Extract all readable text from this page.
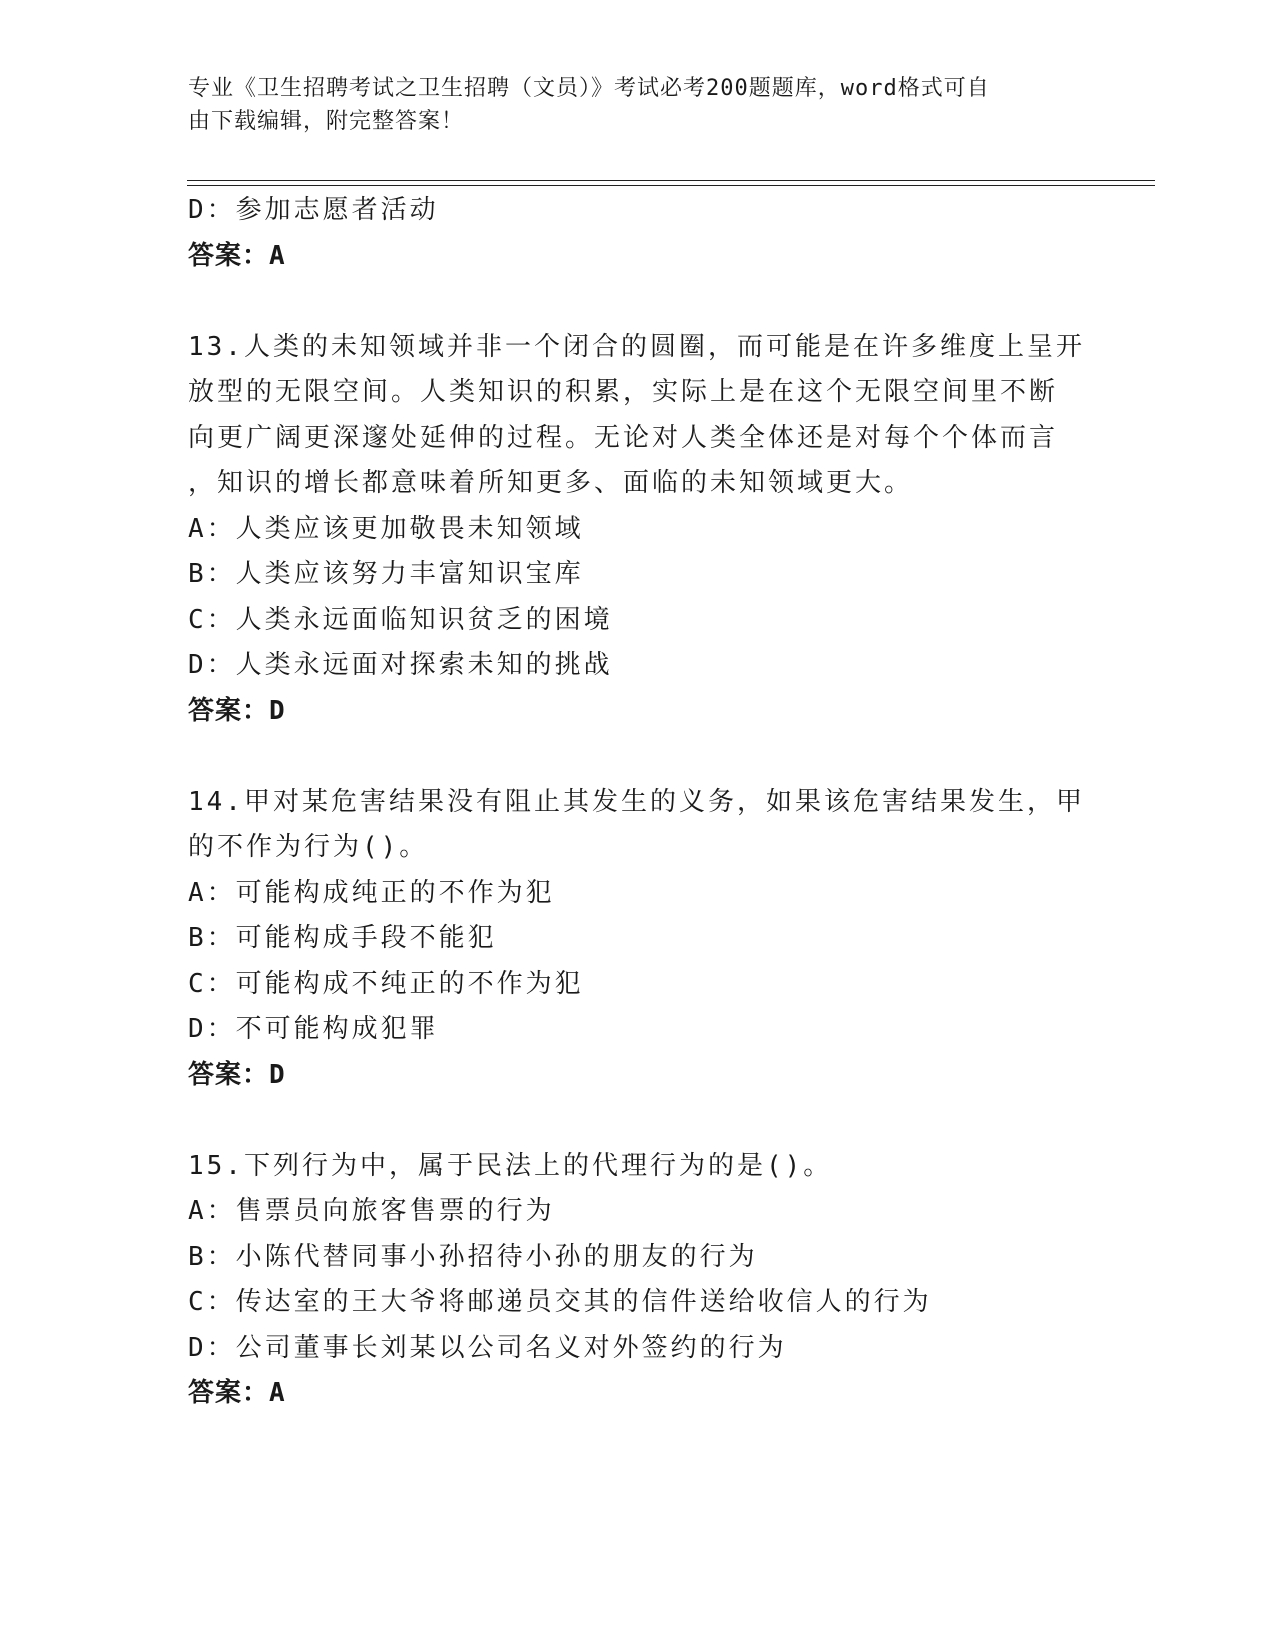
专业《卫生招聘考试之卫生招聘（文员）》考试必考200题题库，word格式可自
由下载编辑，附完整答案！
D：参加志愿者活动
答案：A
13.人类的未知领域并非一个闭合的圆圈，而可能是在许多维度上呈开
放型的无限空间。人类知识的积累，实际上是在这个无限空间里不断
向更广阔更深邃处延伸的过程。无论对人类全体还是对每个个体而言
，知识的增长都意味着所知更多、面临的未知领域更大。
A：人类应该更加敬畏未知领域
B：人类应该努力丰富知识宝库
C：人类永远面临知识贫乏的困境
D：人类永远面对探索未知的挑战
答案：D
14.甲对某危害结果没有阻止其发生的义务，如果该危害结果发生，甲
的不作为行为()。
A：可能构成纯正的不作为犯
B：可能构成手段不能犯
C：可能构成不纯正的不作为犯
D：不可能构成犯罪
答案：D
15.下列行为中，属于民法上的代理行为的是()。
A：售票员向旅客售票的行为
B：小陈代替同事小孙招待小孙的朋友的行为
C：传达室的王大爷将邮递员交其的信件送给收信人的行为
D：公司董事长刘某以公司名义对外签约的行为
答案：A
